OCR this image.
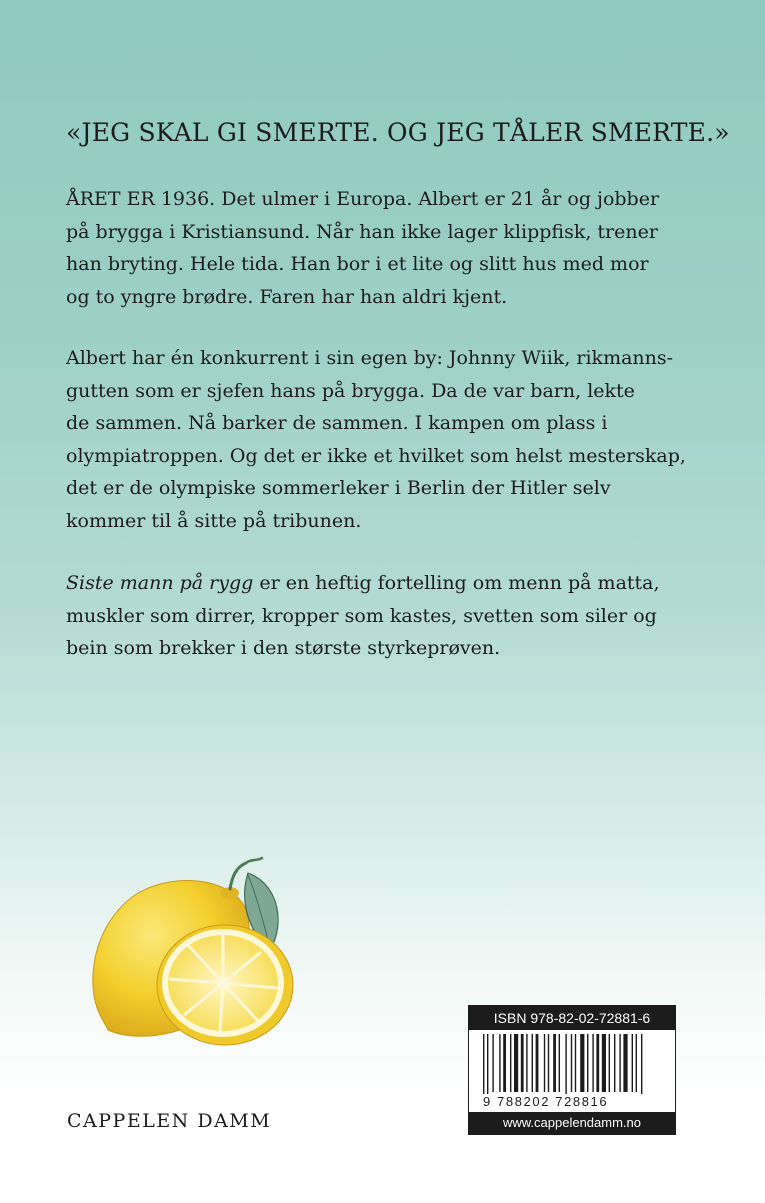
«JEG SKAL GI SMERTE. OG JEG TÅLER SMERTE.»
ÅRET ER 1936. Det ulmer i Europa. Albert er 21 år og jobber
på brygga i Kristiansund. Når han ikke lager klippfisk, trener
han bryting. Hele tida. Han bor i et lite og slitt hus med mor
og to yngre brødre. Faren har han aldri kjent.
Albert har én konkurrent i sin egen by: Johnny Wiik, rikmanns-
gutten som er sjefen hans på brygga. Da de var barn, lekte
de sammen. Nå barker de sammen. I kampen om plass i
olympiatroppen. Og det er ikke et hvilket som helst mesterskap,
det er de olympiske sommerleker i Berlin der Hitler selv
kommer til å sitte på tribunen.
Siste mann på rygg er en heftig fortelling om menn på matta,
muskler som dirrer, kropper som kastes, svetten som siler og
bein som brekker i den største styrkeprøven.
CAPPELEN DAMM
ISBN 978-82-02-72881-6
9 788202 728816
www.cappelendamm.no
